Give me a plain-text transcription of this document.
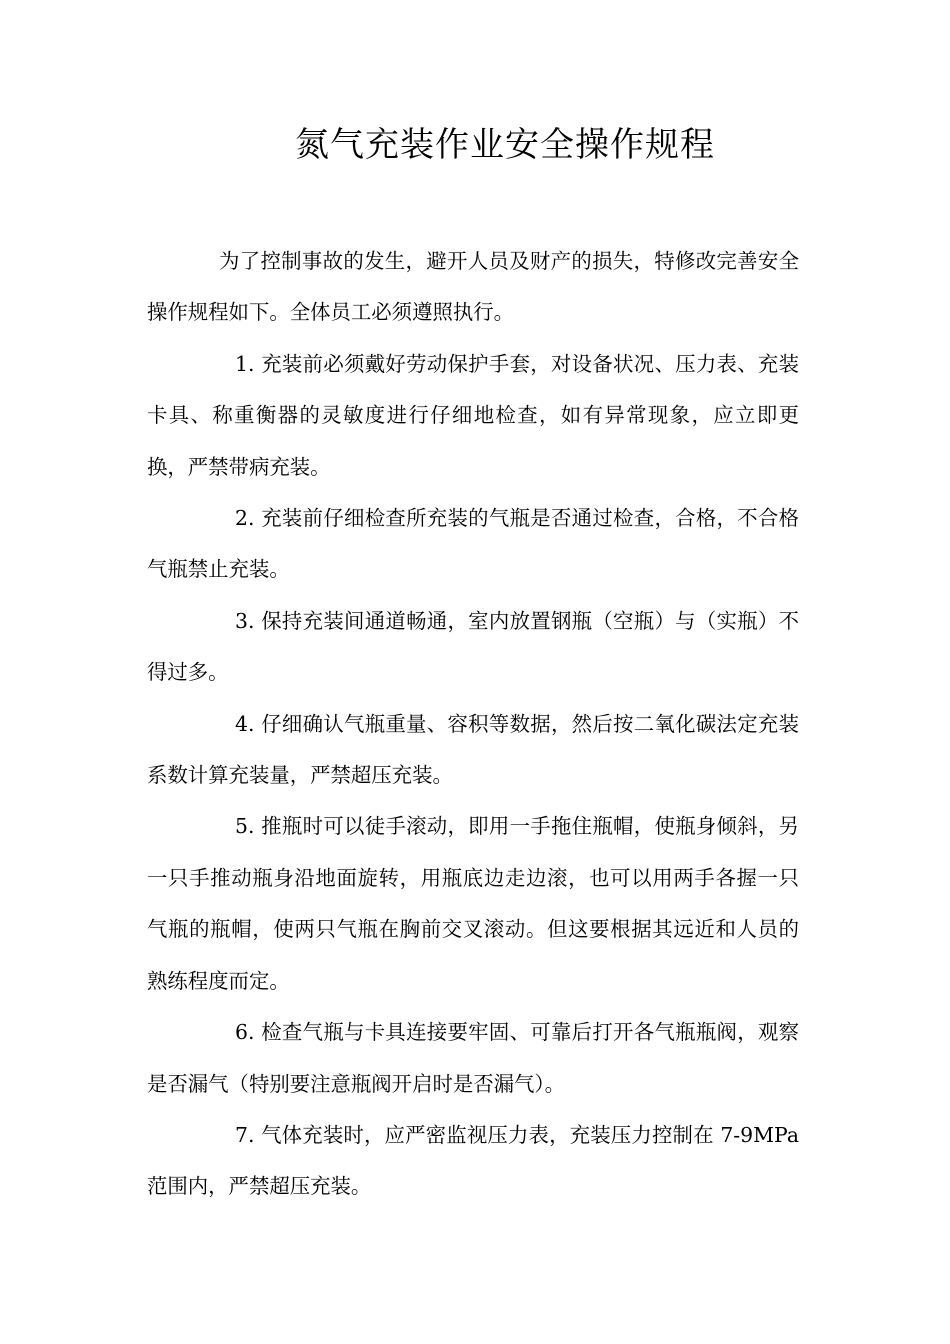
氮气充装作业安全操作规程

为了控制事故的发生，避开人员及财产的损失，特修改完善安全操作规程如下。全体员工必须遵照执行。

1. 充装前必须戴好劳动保护手套，对设备状况、压力表、充装卡具、称重衡器的灵敏度进行仔细地检查，如有异常现象，应立即更换，严禁带病充装。

2. 充装前仔细检查所充装的气瓶是否通过检查，合格，不合格气瓶禁止充装。

3. 保持充装间通道畅通，室内放置钢瓶（空瓶）与（实瓶）不得过多。

4. 仔细确认气瓶重量、容积等数据，然后按二氧化碳法定充装系数计算充装量，严禁超压充装。

5. 推瓶时可以徒手滚动，即用一手拖住瓶帽，使瓶身倾斜，另一只手推动瓶身沿地面旋转，用瓶底边走边滚，也可以用两手各握一只气瓶的瓶帽，使两只气瓶在胸前交叉滚动。但这要根据其远近和人员的熟练程度而定。

6. 检查气瓶与卡具连接要牢固、可靠后打开各气瓶瓶阀，观察是否漏气（特别要注意瓶阀开启时是否漏气）。

7. 气体充装时，应严密监视压力表，充装压力控制在 7-9MPa 范围内，严禁超压充装。
